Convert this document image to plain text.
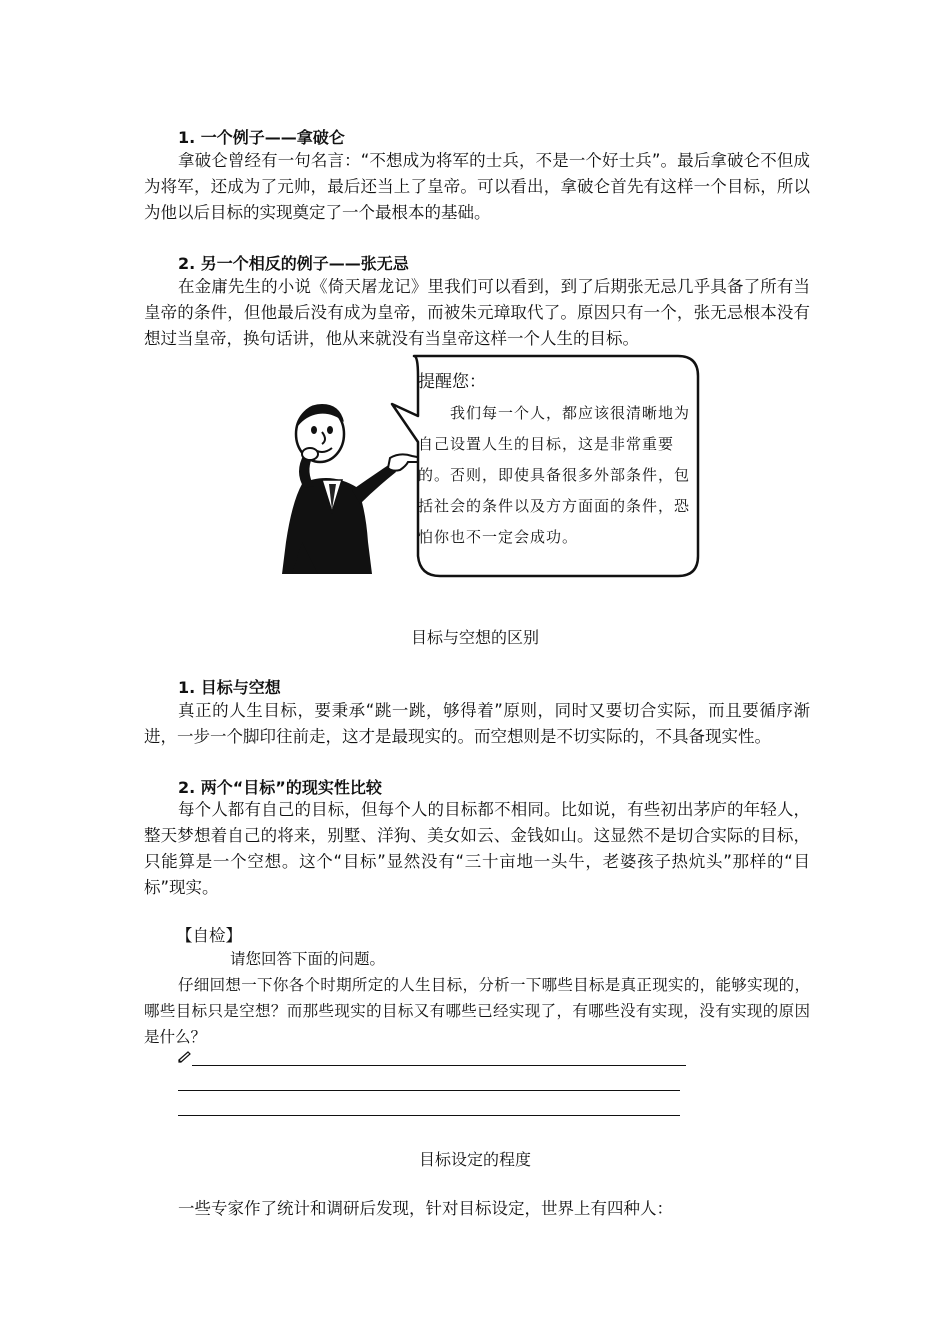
1. 一个例子——拿破仑
拿破仑曾经有一句名言：“不想成为将军的士兵，不是一个好士兵”。最后拿破仑不但成为将军，还成为了元帅，最后还当上了皇帝。可以看出，拿破仑首先有这样一个目标，所以为他以后目标的实现奠定了一个最根本的基础。
2. 另一个相反的例子——张无忌
在金庸先生的小说《倚天屠龙记》里我们可以看到，到了后期张无忌几乎具备了所有当皇帝的条件，但他最后没有成为皇帝，而被朱元璋取代了。原因只有一个，张无忌根本没有想过当皇帝，换句话讲，他从来就没有当皇帝这样一个人生的目标。
提醒您：
我们每一个人，都应该很清晰地为自己设置人生的目标，这是非常重要的。否则，即使具备很多外部条件，包括社会的条件以及方方面面的条件，恐怕你也不一定会成功。
目标与空想的区别
1. 目标与空想
真正的人生目标，要秉承“跳一跳，够得着”原则，同时又要切合实际，而且要循序渐进，一步一个脚印往前走，这才是最现实的。而空想则是不切实际的，不具备现实性。
2. 两个“目标”的现实性比较
每个人都有自己的目标，但每个人的目标都不相同。比如说，有些初出茅庐的年轻人，整天梦想着自己的将来，别墅、洋狗、美女如云、金钱如山。这显然不是切合实际的目标，只能算是一个空想。这个“目标”显然没有“三十亩地一头牛，老婆孩子热炕头”那样的“目标”现实。
【自检】
请您回答下面的问题。
仔细回想一下你各个时期所定的人生目标，分析一下哪些目标是真正现实的，能够实现的，哪些目标只是空想？而那些现实的目标又有哪些已经实现了，有哪些没有实现，没有实现的原因是什么？
目标设定的程度
一些专家作了统计和调研后发现，针对目标设定，世界上有四种人：
